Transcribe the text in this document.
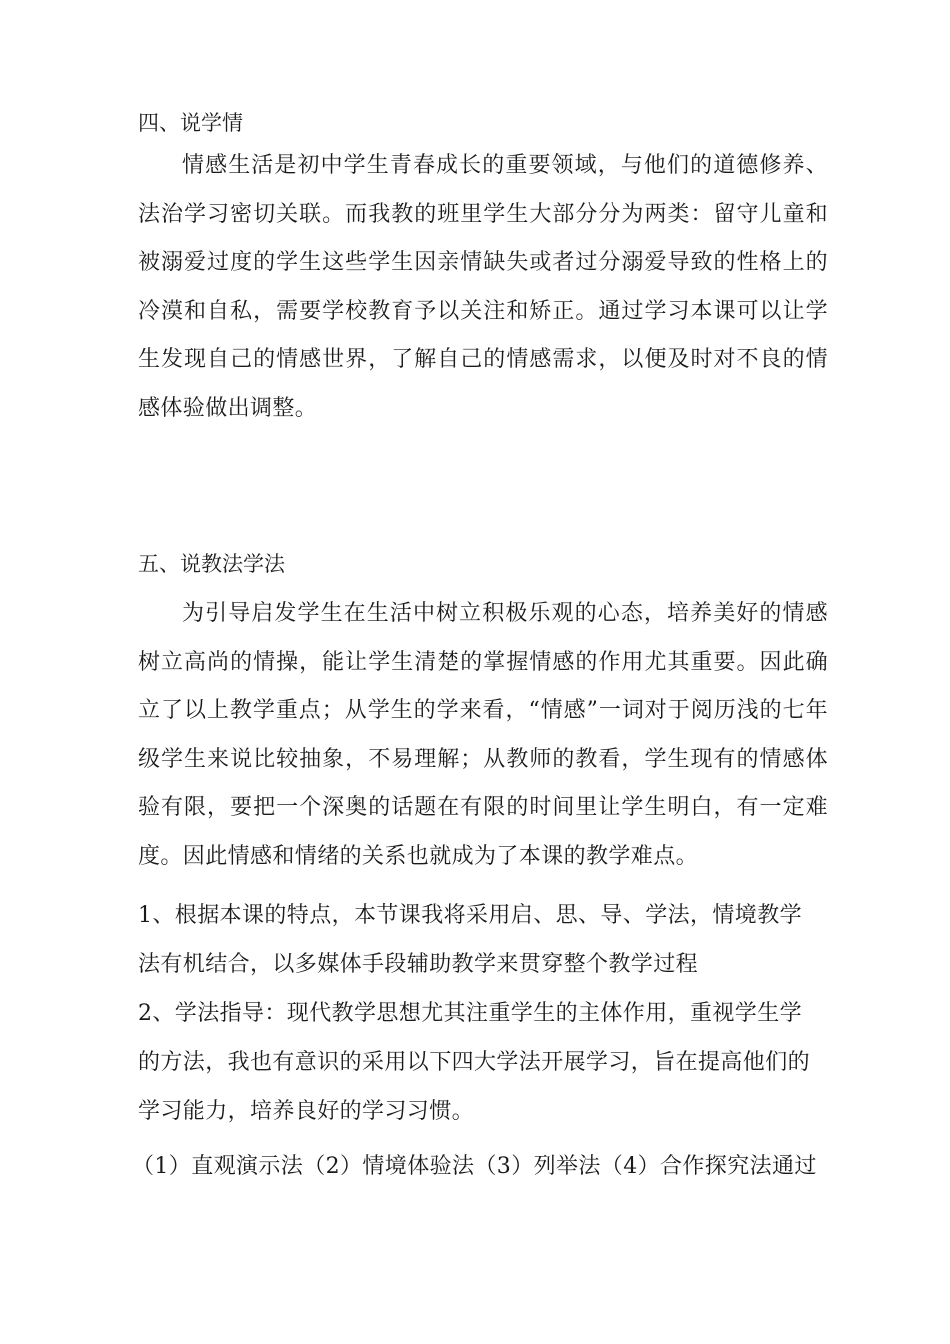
四、说学情

情感生活是初中学生青春成长的重要领域，与他们的道德修养、法治学习密切关联。而我教的班里学生大部分分为两类：留守儿童和被溺爱过度的学生这些学生因亲情缺失或者过分溺爱导致的性格上的冷漠和自私，需要学校教育予以关注和矫正。通过学习本课可以让学生发现自己的情感世界，了解自己的情感需求，以便及时对不良的情感体验做出调整。

五、说教法学法

为引导启发学生在生活中树立积极乐观的心态，培养美好的情感树立高尚的情操，能让学生清楚的掌握情感的作用尤其重要。因此确立了以上教学重点；从学生的学来看，“情感”一词对于阅历浅的七年级学生来说比较抽象，不易理解；从教师的教看，学生现有的情感体验有限，要把一个深奥的话题在有限的时间里让学生明白，有一定难度。因此情感和情绪的关系也就成为了本课的教学难点。

1、根据本课的特点，本节课我将采用启、思、导、学法，情境教学
法有机结合，以多媒体手段辅助教学来贯穿整个教学过程
2、学法指导：现代教学思想尤其注重学生的主体作用，重视学生学
的方法，我也有意识的采用以下四大学法开展学习，旨在提高他们的
学习能力，培养良好的学习习惯。
（1）直观演示法（2）情境体验法（3）列举法（4）合作探究法通过
